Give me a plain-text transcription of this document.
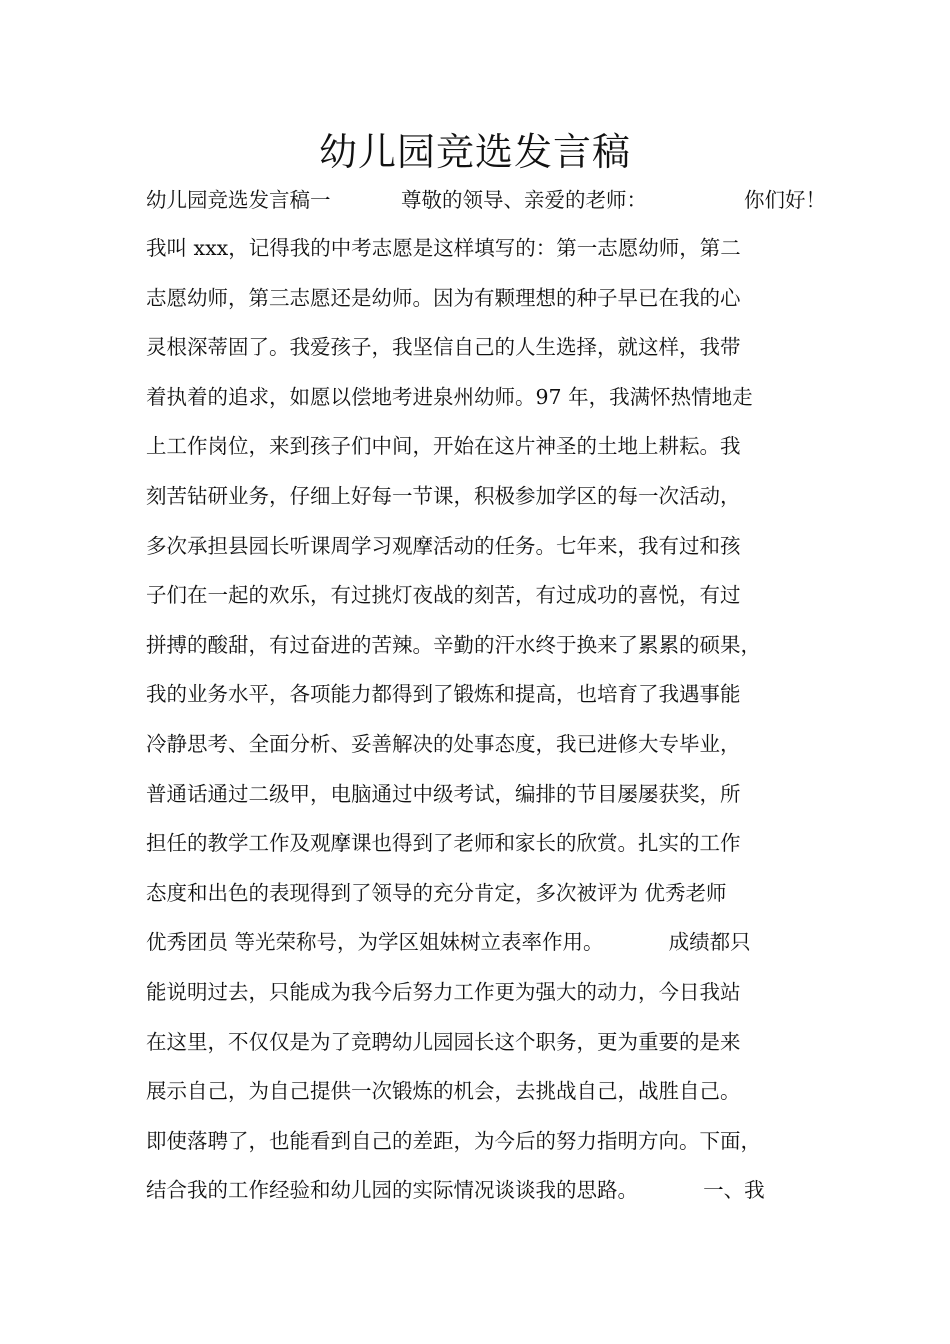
幼儿园竞选发言稿
幼儿园竞选发言稿一	尊敬的领导、亲爱的老师：	你们好！
我叫 xxx，记得我的中考志愿是这样填写的：第一志愿幼师，第二
志愿幼师，第三志愿还是幼师。因为有颗理想的种子早已在我的心
灵根深蒂固了。我爱孩子，我坚信自己的人生选择，就这样，我带
着执着的追求，如愿以偿地考进泉州幼师。97 年，我满怀热情地走
上工作岗位，来到孩子们中间，开始在这片神圣的土地上耕耘。我
刻苦钻研业务，仔细上好每一节课，积极参加学区的每一次活动，
多次承担县园长听课周学习观摩活动的任务。七年来，我有过和孩
子们在一起的欢乐，有过挑灯夜战的刻苦，有过成功的喜悦，有过
拼搏的酸甜，有过奋进的苦辣。辛勤的汗水终于换来了累累的硕果，
我的业务水平，各项能力都得到了锻炼和提高，也培育了我遇事能
冷静思考、全面分析、妥善解决的处事态度，我已进修大专毕业，
普通话通过二级甲，电脑通过中级考试，编排的节目屡屡获奖，所
担任的教学工作及观摩课也得到了老师和家长的欣赏。扎实的工作
态度和出色的表现得到了领导的充分肯定，多次被评为 优秀老师
优秀团员 等光荣称号，为学区姐妹树立表率作用。          成绩都只
能说明过去，只能成为我今后努力工作更为强大的动力，今日我站
在这里，不仅仅是为了竞聘幼儿园园长这个职务，更为重要的是来
展示自己，为自己提供一次锻炼的机会，去挑战自己，战胜自己。
即使落聘了，也能看到自己的差距，为今后的努力指明方向。下面，
结合我的工作经验和幼儿园的实际情况谈谈我的思路。          一、我
